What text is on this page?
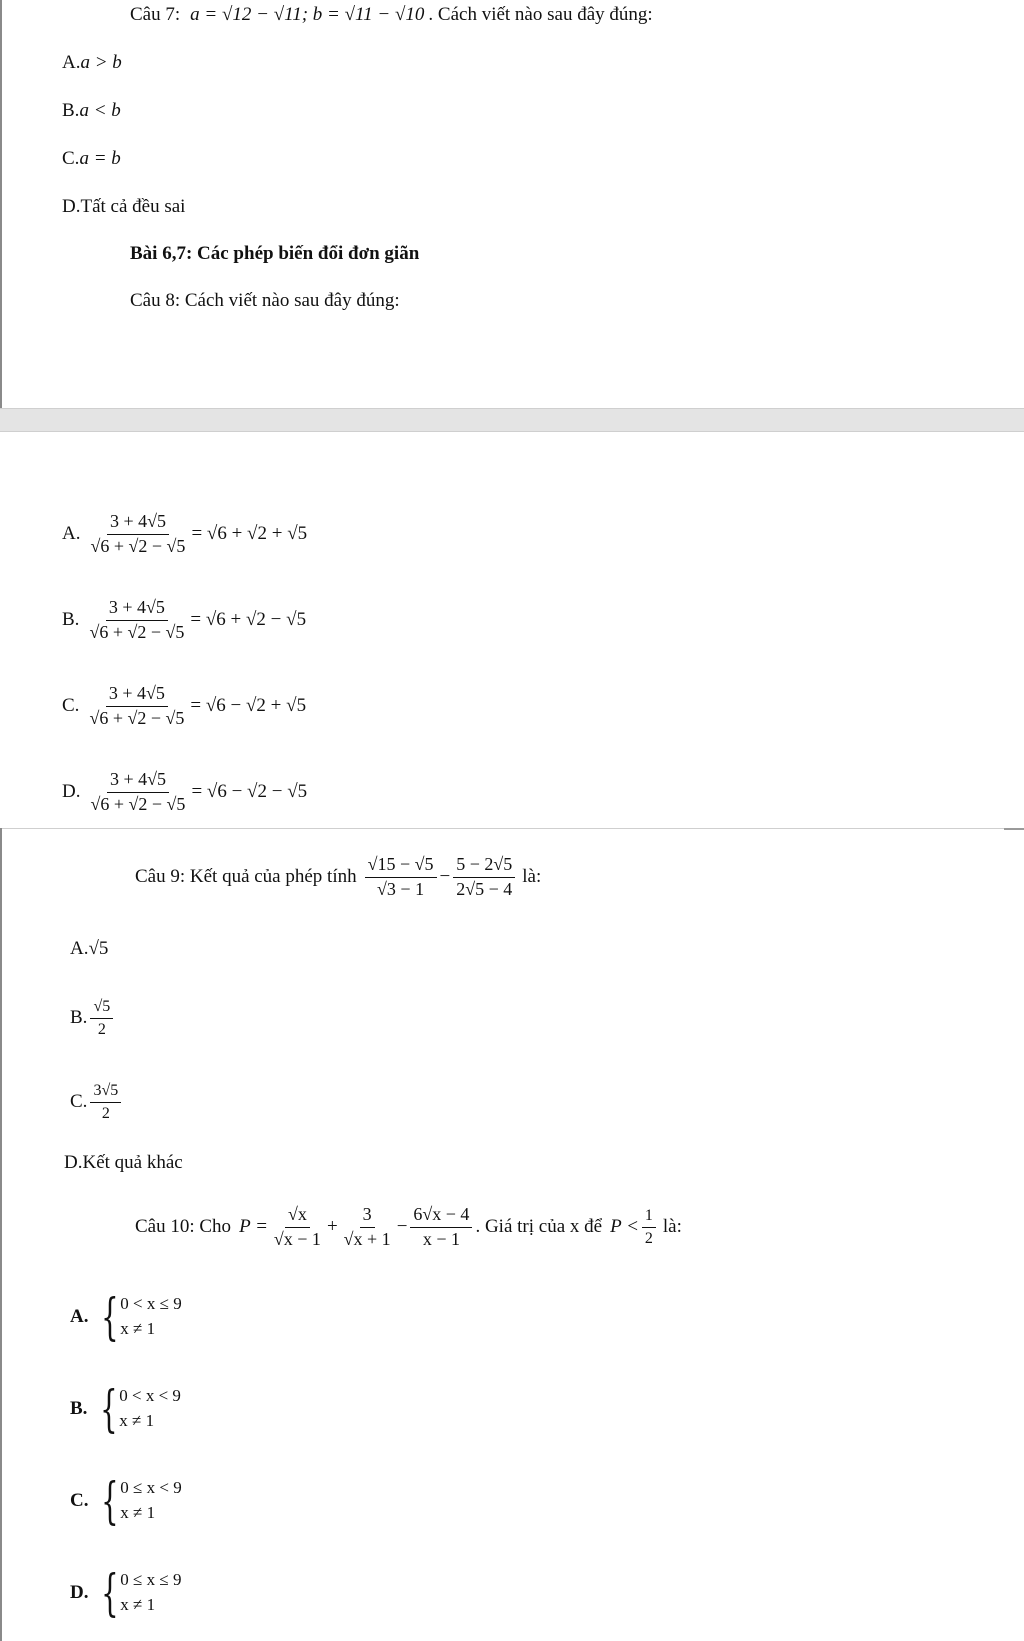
Câu 7: a = √12 − √11; b = √11 − √10 . Cách viết nào sau đây đúng:
A. a > b
B. a < b
C. a = b
D. Tất cả đều sai
Bài 6,7: Các phép biến đổi đơn giãn
Câu 8: Cách viết nào sau đây đúng:
A. $\frac{3 + 4√5}{√6 + √2 - √5} = √6 + √2 + √5$
B. $\frac{3 + 4√5}{√6 + √2 - √5} = √6 + √2 - √5$
C. $\frac{3 + 4√5}{√6 + √2 - √5} = √6 - √2 + √5$
D. $\frac{3 + 4√5}{√6 + √2 - √5} = √6 - √2 - √5$
Câu 9: Kết quả của phép tính $\frac{√15 - √5}{√3 - 1} - \frac{5 - 2√5}{2√5 - 4}$ là:
A. √5
B. $\frac{√5}{2}$
C. $\frac{3√5}{2}$
D. Kết quả khác
Câu 10: Cho $P = \frac{√x}{√x - 1} + \frac{3}{√x + 1} - \frac{6√x - 4}{x - 1}$ . Giá trị của x để $P < \frac{1}{2}$ là:
A. { 0 < x ≤ 9
x ≠ 1
B. { 0 < x < 9
x ≠ 1
C. { 0 ≤ x < 9
x ≠ 1
D. { 0 ≤ x ≤ 9
x ≠ 1
